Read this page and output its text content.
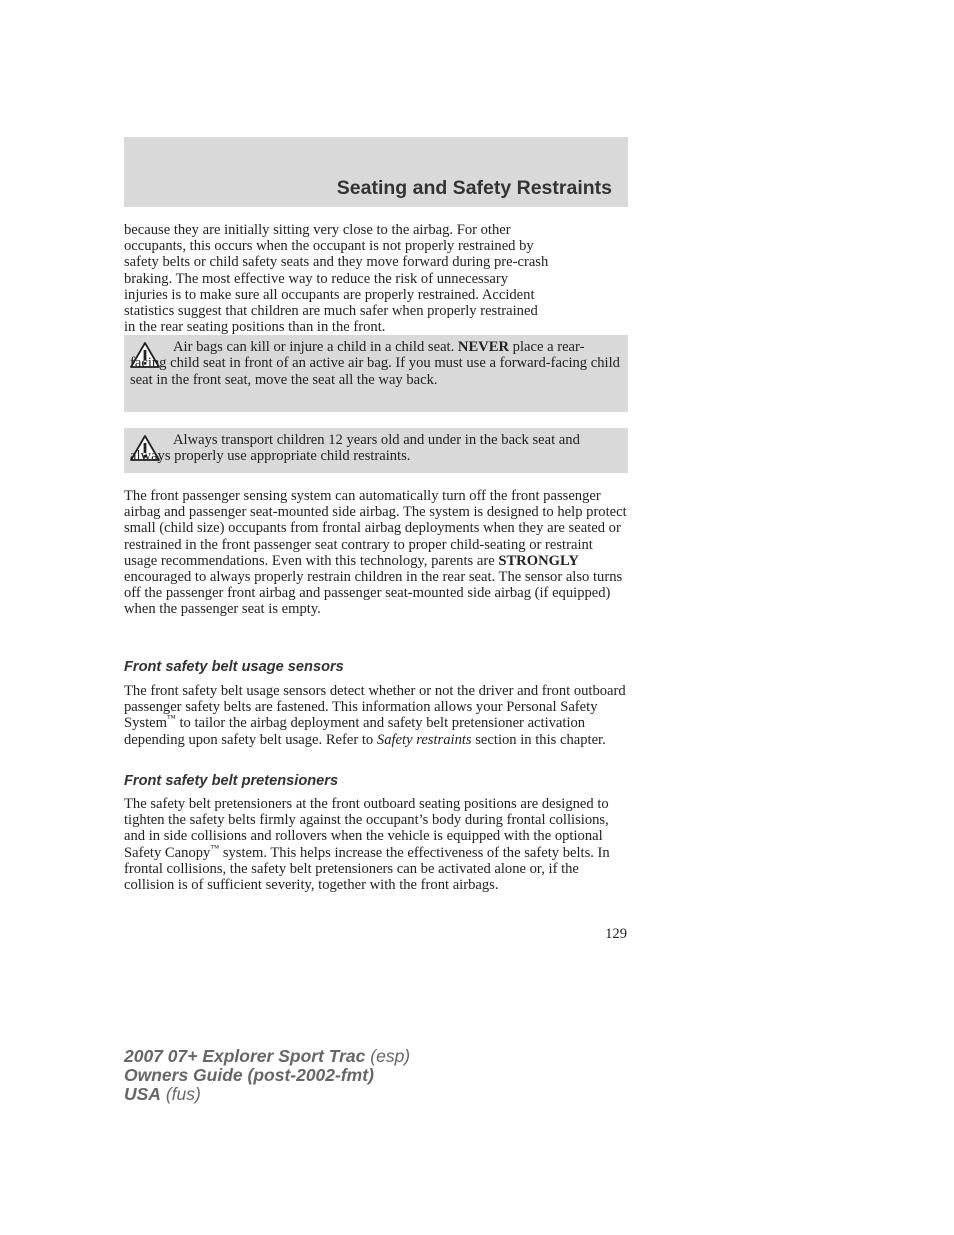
Seating and Safety Restraints
because they are initially sitting very close to the airbag. For other
occupants, this occurs when the occupant is not properly restrained by
safety belts or child safety seats and they move forward during pre-crash
braking. The most effective way to reduce the risk of unnecessary
injuries is to make sure all occupants are properly restrained. Accident
statistics suggest that children are much safer when properly restrained
in the rear seating positions than in the front.

Air bags can kill or injure a child in a child seat. NEVER place a rear-facing child seat in front of an active air bag. If you must use a forward-facing child seat in the front seat, move the seat all the way back.

Always transport children 12 years old and under in the back seat and always properly use appropriate child restraints.

The front passenger sensing system can automatically turn off the front passenger airbag and passenger seat-mounted side airbag. The system is designed to help protect small (child size) occupants from frontal airbag deployments when they are seated or restrained in the front passenger seat contrary to proper child-seating or restraint usage recommendations. Even with this technology, parents are STRONGLY encouraged to always properly restrain children in the rear seat. The sensor also turns off the passenger front airbag and passenger seat-mounted side airbag (if equipped) when the passenger seat is empty.

Front safety belt usage sensors

The front safety belt usage sensors detect whether or not the driver and front outboard passenger safety belts are fastened. This information allows your Personal Safety System™ to tailor the airbag deployment and safety belt pretensioner activation depending upon safety belt usage. Refer to Safety restraints section in this chapter.

Front safety belt pretensioners

The safety belt pretensioners at the front outboard seating positions are designed to tighten the safety belts firmly against the occupant’s body during frontal collisions, and in side collisions and rollovers when the vehicle is equipped with the optional Safety Canopy™ system. This helps increase the effectiveness of the safety belts. In frontal collisions, the safety belt pretensioners can be activated alone or, if the collision is of sufficient severity, together with the front airbags.

129
2007 07+ Explorer Sport Trac (esp)
Owners Guide (post-2002-fmt)
USA (fus)
